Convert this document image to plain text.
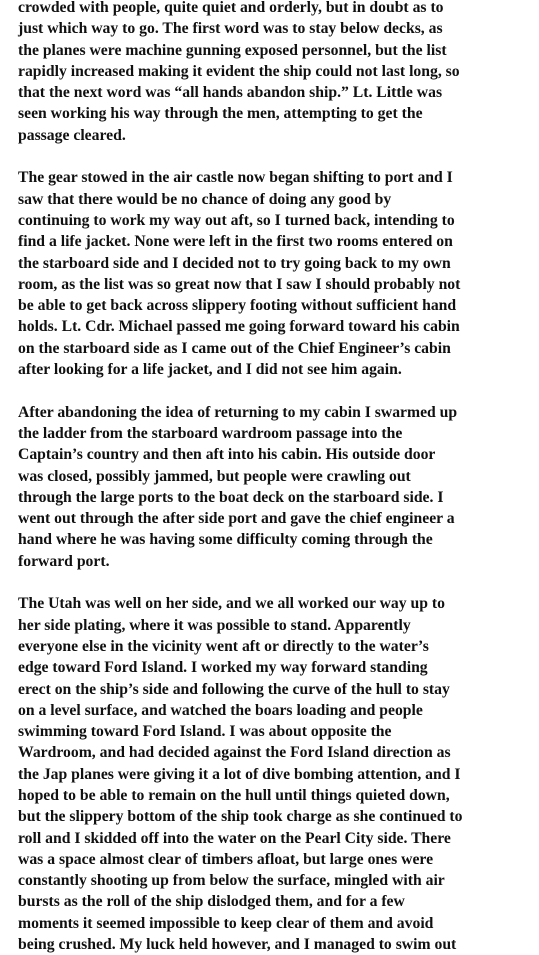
crowded with people, quite quiet and orderly, but in doubt as to
just which way to go. The first word was to stay below decks, as
the planes were machine gunning exposed personnel, but the list
rapidly increased making it evident the ship could not last long, so
that the next word was “all hands abandon ship.” Lt. Little was
seen working his way through the men, attempting to get the
passage cleared.
The gear stowed in the air castle now began shifting to port and I
saw that there would be no chance of doing any good by
continuing to work my way out aft, so I turned back, intending to
find a life jacket. None were left in the first two rooms entered on
the starboard side and I decided not to try going back to my own
room, as the list was so great now that I saw I should probably not
be able to get back across slippery footing without sufficient hand
holds. Lt. Cdr. Michael passed me going forward toward his cabin
on the starboard side as I came out of the Chief Engineer’s cabin
after looking for a life jacket, and I did not see him again.
After abandoning the idea of returning to my cabin I swarmed up
the ladder from the starboard wardroom passage into the
Captain’s country and then aft into his cabin. His outside door
was closed, possibly jammed, but people were crawling out
through the large ports to the boat deck on the starboard side. I
went out through the after side port and gave the chief engineer a
hand where he was having some difficulty coming through the
forward port.
The Utah was well on her side, and we all worked our way up to
her side plating, where it was possible to stand. Apparently
everyone else in the vicinity went aft or directly to the water’s
edge toward Ford Island. I worked my way forward standing
erect on the ship’s side and following the curve of the hull to stay
on a level surface, and watched the boars loading and people
swimming toward Ford Island. I was about opposite the
Wardroom, and had decided against the Ford Island direction as
the Jap planes were giving it a lot of dive bombing attention, and I
hoped to be able to remain on the hull until things quieted down,
but the slippery bottom of the ship took charge as she continued to
roll and I skidded off into the water on the Pearl City side. There
was a space almost clear of timbers afloat, but large ones were
constantly shooting up from below the surface, mingled with air
bursts as the roll of the ship dislodged them, and for a few
moments it seemed impossible to keep clear of them and avoid
being crushed. My luck held however, and I managed to swim out
